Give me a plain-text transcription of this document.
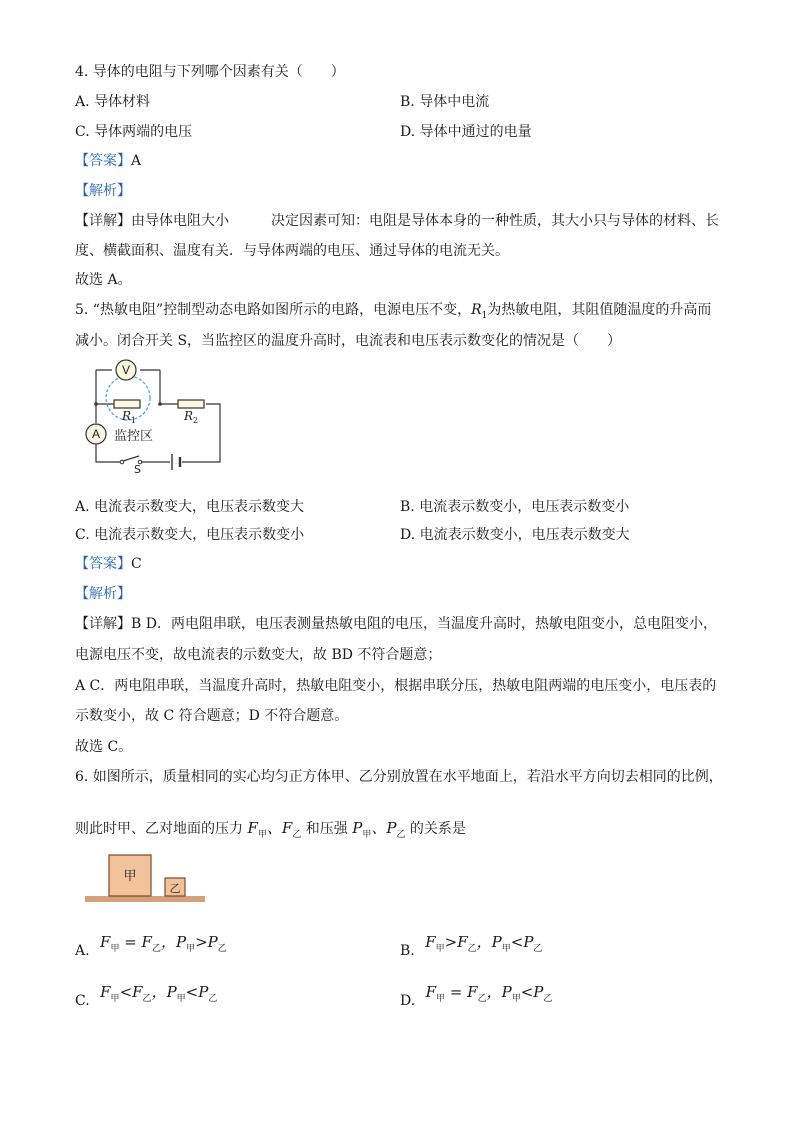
4. 导体的电阻与下列哪个因素有关（　　）
A. 导体材料	B. 导体中电流
C. 导体两端的电压	D. 导体中通过的电量
【答案】A
【解析】
【详解】由导体电阻大小　　　决定因素可知：电阻是导体本身的一种性质，其大小只与导体的材料、长
度、横截面积、温度有关．与导体两端的电压、通过导体的电流无关。
故选 A。
5. “热敏电阻”控制型动态电路如图所示的电路，电源电压不变，$R_1$为热敏电阻，其阻值随温度的升高而
减小。闭合开关 S，当监控区的温度升高时，电流表和电压表示数变化的情况是（　　）
V
R 1	R 2
A 监控区
S
A. 电流表示数变大，电压表示数变大	B. 电流表示数变小，电压表示数变小
C. 电流表示数变大，电压表示数变小	D. 电流表示数变小，电压表示数变大
【答案】C
【解析】
【详解】B D．两电阻串联，电压表测量热敏电阻的电压，当温度升高时，热敏电阻变小，总电阻变小，
电源电压不变，故电流表的示数变大，故 BD 不符合题意；
A C．两电阻串联，当温度升高时，热敏电阻变小，根据串联分压，热敏电阻两端的电压变小，电压表的
示数变小，故 C 符合题意；D 不符合题意。
故选 C。
6. 如图所示，质量相同的实心均匀正方体甲、乙分别放置在水平地面上，若沿水平方向切去相同的比例，
则此时甲、乙对地面的压力 $F_甲$、$F_乙$ 和压强 $P_甲$、$P_乙$ 的关系是
甲
乙
A. $F_甲 = F_乙$，$P_甲>P_乙$	B. $F_甲>F_乙$，$P_甲<P_乙$
C. $F_甲<F_乙$，$P_甲<P_乙$	D. $F_甲 = F_乙$，$P_甲<P_乙$
